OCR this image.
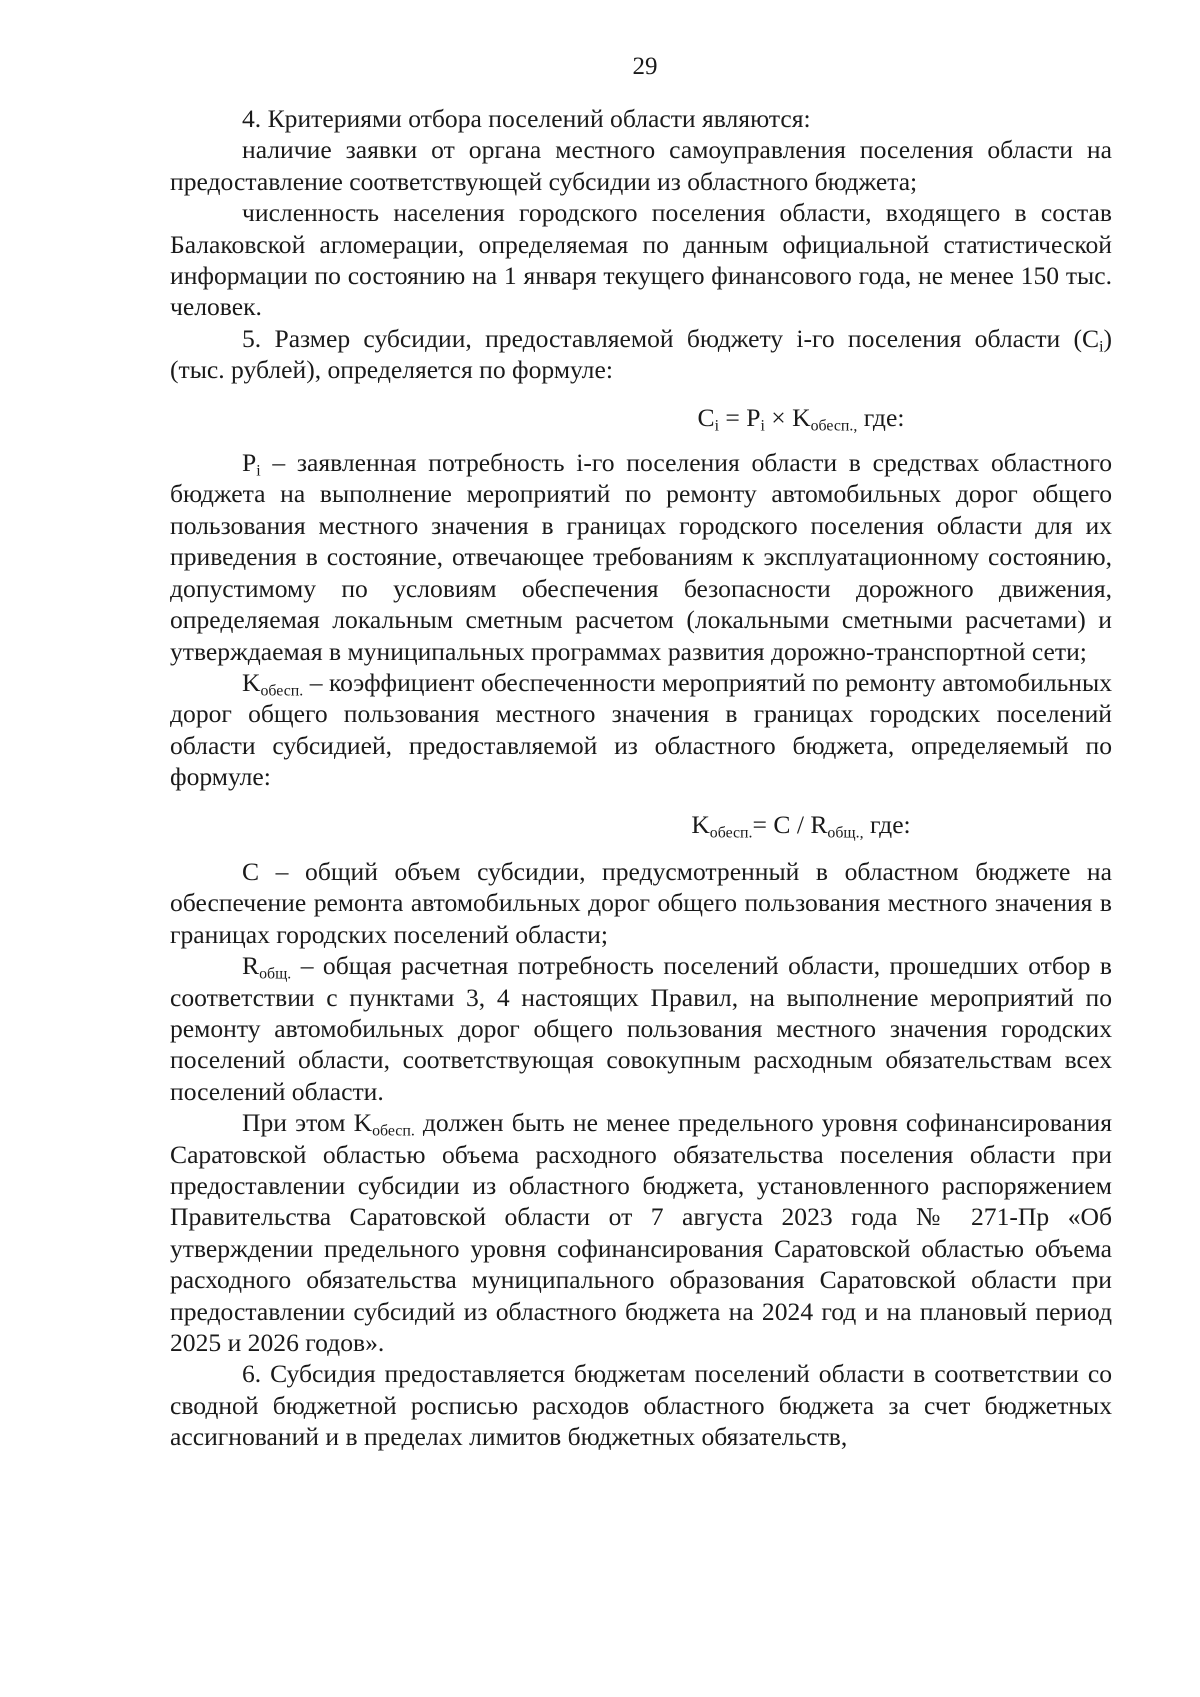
29

4. Критериями отбора поселений области являются:

наличие заявки от органа местного самоуправления поселения области на предоставление соответствующей субсидии из областного бюджета;

численность населения городского поселения области, входящего в состав Балаковской агломерации, определяемая по данным официальной статистической информации по состоянию на 1 января текущего финансового года, не менее 150 тыс. человек.

5. Размер субсидии, предоставляемой бюджету i-го поселения области $(C_i)$ (тыс. рублей), определяется по формуле:

$C_i = P_i \times K_{обесп.,}$ где:

$P_i$ – заявленная потребность i-го поселения области в средствах областного бюджета на выполнение мероприятий по ремонту автомобильных дорог общего пользования местного значения в границах городского поселения области для их приведения в состояние, отвечающее требованиям к эксплуатационному состоянию, допустимому по условиям обеспечения безопасности дорожного движения, определяемая локальным сметным расчетом (локальными сметными расчетами) и утверждаемая в муниципальных программах развития дорожно-транспортной сети;

$K_{обесп.}$ – коэффициент обеспеченности мероприятий по ремонту автомобильных дорог общего пользования местного значения в границах городских поселений области субсидией, предоставляемой из областного бюджета, определяемый по формуле:

$K_{обесп.}= C / R_{общ.,}$ где:

C – общий объем субсидии, предусмотренный в областном бюджете на обеспечение ремонта автомобильных дорог общего пользования местного значения в границах городских поселений области;

$R_{общ.}$ – общая расчетная потребность поселений области, прошедших отбор в соответствии с пунктами 3, 4 настоящих Правил, на выполнение мероприятий по ремонту автомобильных дорог общего пользования местного значения городских поселений области, соответствующая совокупным расходным обязательствам всех поселений области.

При этом $K_{обесп.}$ должен быть не менее предельного уровня софинансирования Саратовской областью объема расходного обязательства поселения области при предоставлении субсидии из областного бюджета, установленного распоряжением Правительства Саратовской области от 7 августа 2023 года № 271-Пр «Об утверждении предельного уровня софинансирования Саратовской областью объема расходного обязательства муниципального образования Саратовской области при предоставлении субсидий из областного бюджета на 2024 год и на плановый период 2025 и 2026 годов».

6. Субсидия предоставляется бюджетам поселений области в соответствии со сводной бюджетной росписью расходов областного бюджета за счет бюджетных ассигнований и в пределах лимитов бюджетных обязательств,
